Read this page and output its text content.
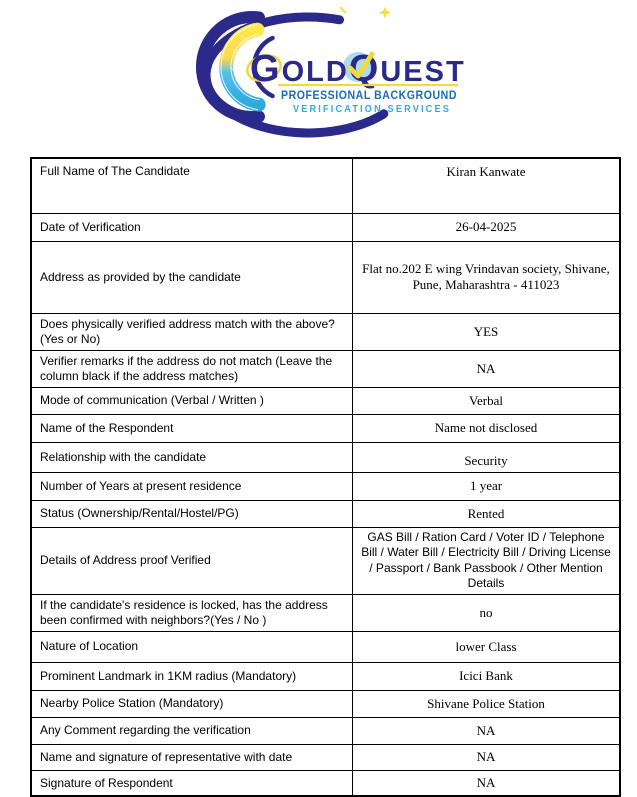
GOLDQUEST
PROFESSIONAL BACKGROUND
VERIFICATION SERVICES
Full Name of The Candidate	Kiran Kanwate
Date of Verification	26-04-2025
Address as provided by the candidate	Flat no.202 E wing Vrindavan society, Shivane, Pune, Maharashtra - 411023
Does physically verified address match with the above? (Yes or No)	YES
Verifier remarks if the address do not match (Leave the column black if the address matches)	NA
Mode of communication (Verbal / Written )	Verbal
Name of the Respondent	Name not disclosed
Relationship with the candidate	Security
Number of Years at present residence	1 year
Status (Ownership/Rental/Hostel/PG)	Rented
Details of Address proof Verified	GAS Bill / Ration Card / Voter ID / Telephone Bill / Water Bill / Electricity Bill / Driving License / Passport / Bank Passbook / Other Mention Details
If the candidate's residence is locked, has the address been confirmed with neighbors?(Yes / No )	no
Nature of Location	lower Class
Prominent Landmark in 1KM radius (Mandatory)	Icici Bank
Nearby Police Station (Mandatory)	Shivane Police Station
Any Comment regarding the verification	NA
Name and signature of representative with date	NA
Signature of Respondent	NA
